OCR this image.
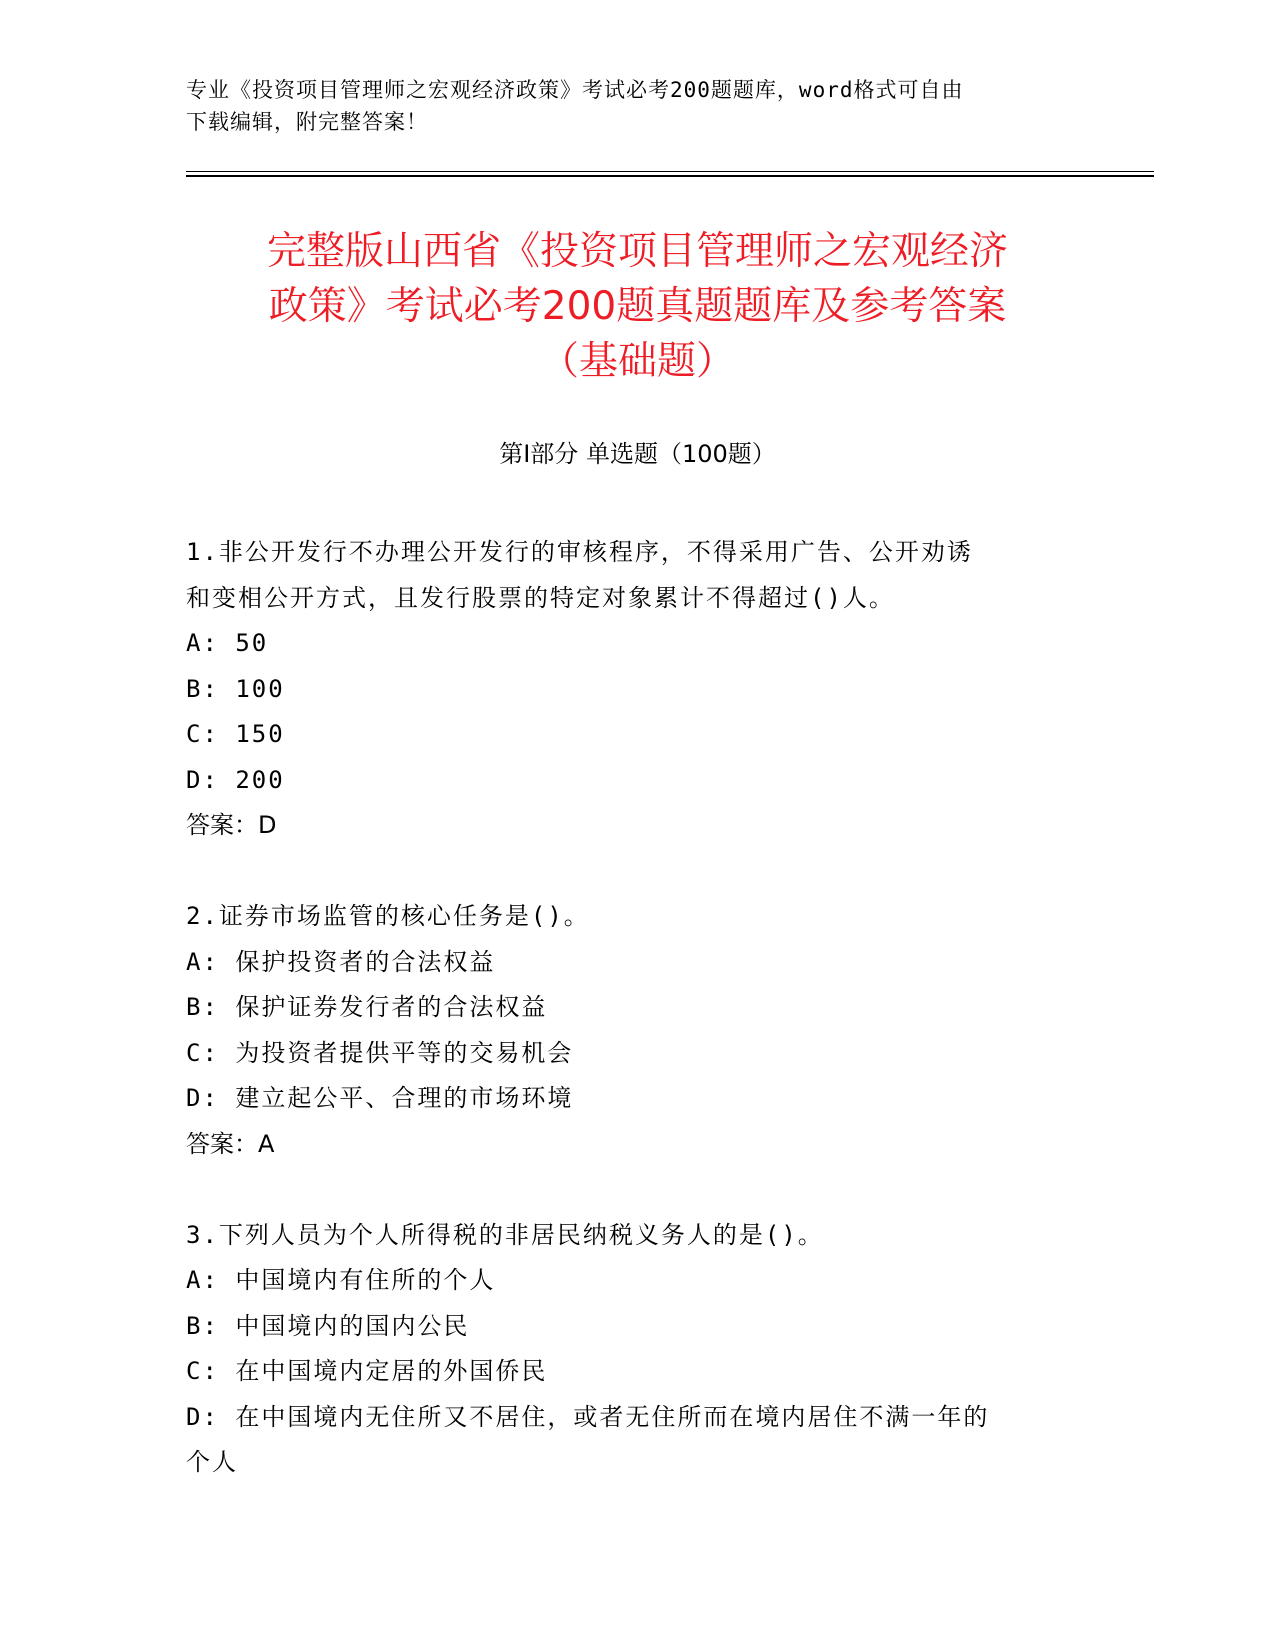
专业《投资项目管理师之宏观经济政策》考试必考200题题库，word格式可自由
下载编辑，附完整答案！
完整版山西省《投资项目管理师之宏观经济
政策》考试必考200题真题题库及参考答案
（基础题）
第Ⅰ部分 单选题（100题）
1.非公开发行不办理公开发行的审核程序，不得采用广告、公开劝诱
和变相公开方式，且发行股票的特定对象累计不得超过()人。
A: 50
B: 100
C: 150
D: 200
答案：D
2.证券市场监管的核心任务是()。
A: 保护投资者的合法权益
B: 保护证券发行者的合法权益
C: 为投资者提供平等的交易机会
D: 建立起公平、合理的市场环境
答案：A
3.下列人员为个人所得税的非居民纳税义务人的是()。
A: 中国境内有住所的个人
B: 中国境内的国内公民
C: 在中国境内定居的外国侨民
D: 在中国境内无住所又不居住，或者无住所而在境内居住不满一年的
个人
